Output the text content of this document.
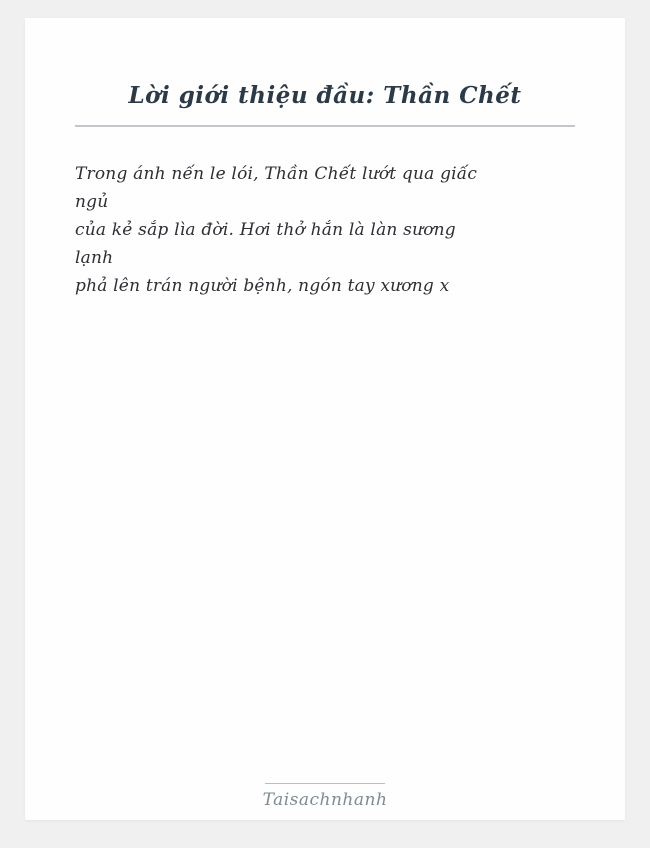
Lời giới thiệu đầu: Thần Chết
Trong ánh nến le lói, Thần Chết lướt qua giấc
ngủ
của kẻ sắp lìa đời. Hơi thở hắn là làn sương
lạnh
phả lên trán người bệnh, ngón tay xương x
Taisachnhanh
